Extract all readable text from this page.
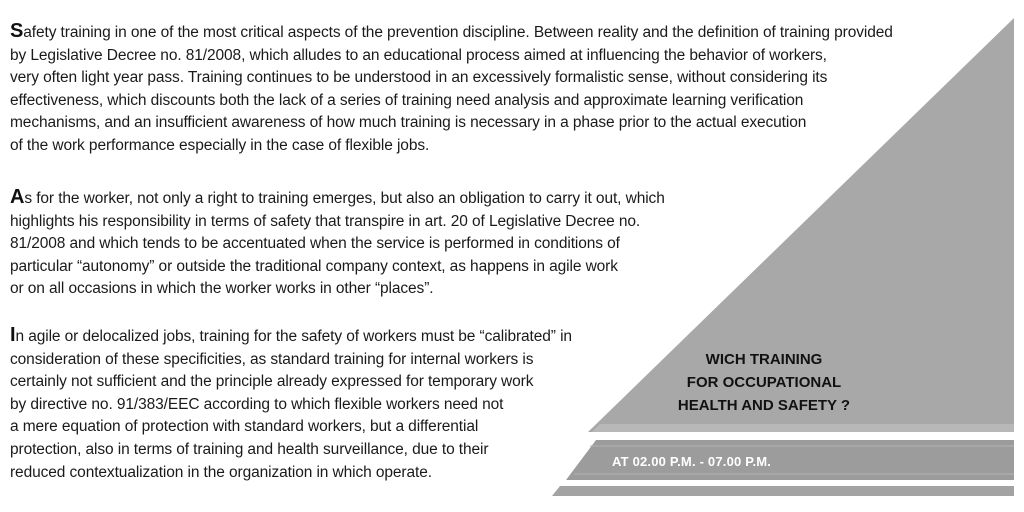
Safety training in one of the most critical aspects of the prevention discipline. Between reality and the definition of training provided
by Legislative Decree no. 81/2008, which alludes to an educational process aimed at influencing the behavior of workers,
very often light year pass. Training continues to be understood in an excessively formalistic sense, without considering its
effectiveness, which discounts both the lack of a series of training need analysis and approximate learning verification
mechanisms, and an insufficient awareness of how much training is necessary in a phase prior to the actual execution
of the work performance especially in the case of flexible jobs.

As for the worker, not only a right to training emerges, but also an obligation to carry it out, which
highlights his responsibility in terms of safety that transpire in art. 20 of Legislative Decree no.
81/2008 and which tends to be accentuated when the service is performed in conditions of
particular “autonomy” or outside the traditional company context, as happens in agile work
or on all occasions in which the worker works in other “places”.

In agile or delocalized jobs, training for the safety of workers must be “calibrated” in
consideration of these specificities, as standard training for internal workers is
certainly not sufficient and the principle already expressed for temporary work
by directive no. 91/383/EEC according to which flexible workers need not
a mere equation of protection with standard workers, but a differential
protection, also in terms of training and health surveillance, due to their
reduced contextualization in the organization in which operate.

WICH TRAINING
FOR OCCUPATIONAL
HEALTH AND SAFETY ?
AT 02.00 P.M. - 07.00 P.M.
